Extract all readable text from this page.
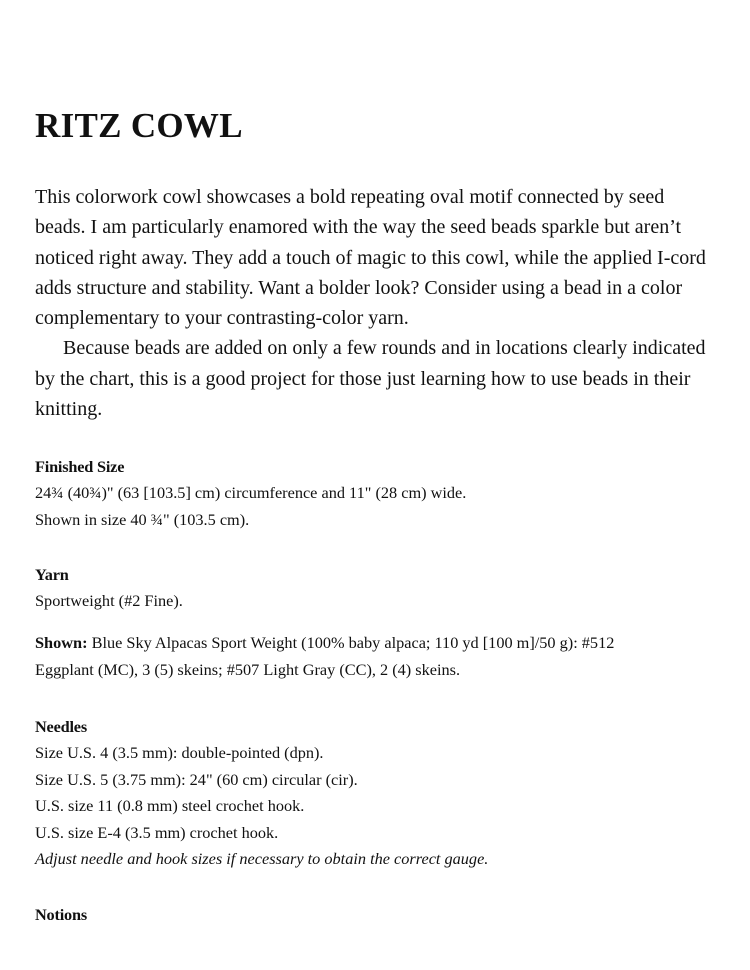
RITZ COWL

This colorwork cowl showcases a bold repeating oval motif connected by seed beads. I am particularly enamored with the way the seed beads sparkle but aren’t noticed right away. They add a touch of magic to this cowl, while the applied I-cord adds structure and stability. Want a bolder look? Consider using a bead in a color complementary to your contrasting-color yarn.

Because beads are added on only a few rounds and in locations clearly indicated by the chart, this is a good project for those just learning how to use beads in their knitting.

Finished Size
24¾ (40¾)" (63 [103.5] cm) circumference and 11" (28 cm) wide.
Shown in size 40 ¾" (103.5 cm).
Yarn
Sportweight (#2 Fine).
Shown: Blue Sky Alpacas Sport Weight (100% baby alpaca; 110 yd [100 m]/50 g): #512
Eggplant (MC), 3 (5) skeins; #507 Light Gray (CC), 2 (4) skeins.
Needles
Size U.S. 4 (3.5 mm): double-pointed (dpn).
Size U.S. 5 (3.75 mm): 24" (60 cm) circular (cir).
U.S. size 11 (0.8 mm) steel crochet hook.
U.S. size E-4 (3.5 mm) crochet hook.
Adjust needle and hook sizes if necessary to obtain the correct gauge.
Notions
